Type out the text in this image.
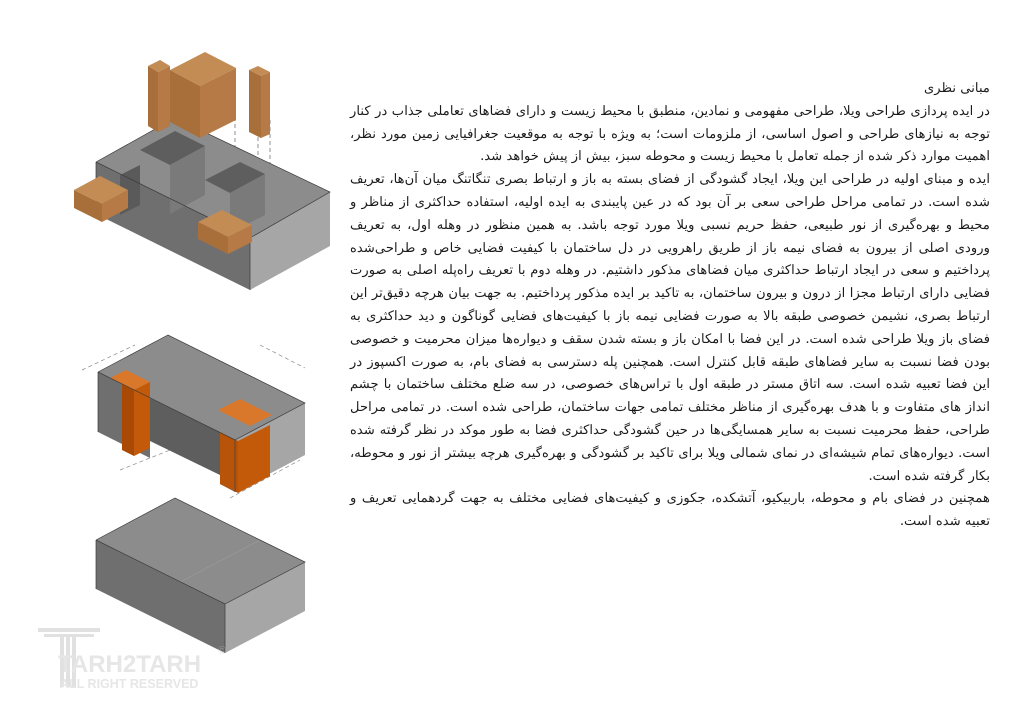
TARH2TARH
ALL RIGHT RESERVED
©

مبانی نظری

در ایده پردازی طراحی ویلا، طراحی مفهومی و نمادین، منطبق با محیط زیست و دارای فضاهای تعاملی جذاب در کنار توجه به نیازهای طراحی و اصول اساسی، از ملزومات است؛ به ویژه با توجه به موقعیت جغرافیایی زمین مورد نظر، اهمیت موارد ذکر شده از جمله تعامل با محیط زیست و محوطه سبز، بیش از پیش خواهد شد.

ایده و مبنای اولیه در طراحی این ویلا، ایجاد گشودگی از فضای بسته به باز و ارتباط بصری تنگاتنگ میان آن‌ها، تعریف شده است. در تمامی مراحل طراحی سعی بر آن بود که در عین پایبندی به ایده اولیه، استفاده حداکثری از مناظر و محیط و بهره‌گیری از نور طبیعی، حفظ حریم نسبی ویلا مورد توجه باشد. به همین منظور در وهله اول، به تعریف ورودی اصلی از بیرون به فضای نیمه باز از طریق راهرویی در دل ساختمان با کیفیت فضایی خاص و طراحی‌شده پرداختیم و سعی در ایجاد ارتباط حداکثری میان فضاهای مذکور داشتیم. در وهله دوم با تعریف راه‌پله اصلی به صورت فضایی دارای ارتباط مجزا از درون و بیرون ساختمان، به تاکید بر ایده مذکور پرداختیم. به جهت بیان هرچه دقیق‌تر این ارتباط بصری، نشیمن خصوصی طبقه بالا به صورت فضایی نیمه باز با کیفیت‌های فضایی گوناگون و دید حداکثری به فضای باز ویلا طراحی شده است. در این فضا با امکان باز و بسته شدن سقف و دیواره‌ها میزان محرمیت و خصوصی بودن فضا نسبت به سایر فضاهای طبقه قابل کنترل است. همچنین پله دسترسی به فضای بام، به صورت اکسپوز در این فضا تعبیه شده است. سه اتاق مستر در طبقه اول با تراس‌های خصوصی، در سه ضلع مختلف ساختمان با چشم انداز های متفاوت و با هدف بهره‌گیری از مناظر مختلف تمامی جهات ساختمان، طراحی شده است. در تمامی مراحل طراحی، حفظ محرمیت نسبت به سایر همسایگی‌ها در حین گشودگی حداکثری فضا به طور موکد در نظر گرفته شده است. دیواره‌های تمام شیشه‌ای در نمای شمالی ویلا برای تاکید بر گشودگی و بهره‌گیری هرچه بیشتر از نور و محوطه، بکار گرفته شده است.

همچنین در فضای بام و محوطه، باربیکیو، آتشکده، جکوزی و کیفیت‌های فضایی مختلف به جهت گردهمایی تعریف و تعبیه شده است.
